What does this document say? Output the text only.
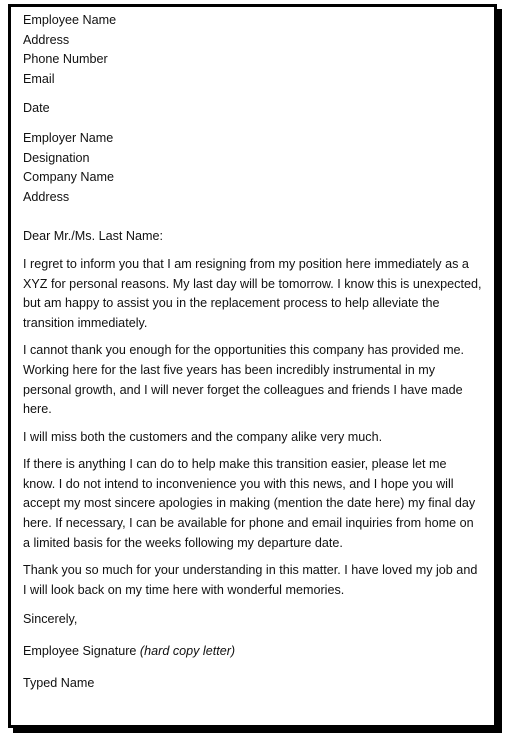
Employee Name
Address
Phone Number
Email
Date
Employer Name
Designation
Company Name
Address
Dear Mr./Ms. Last Name:

I regret to inform you that I am resigning from my position here immediately as a XYZ for personal reasons. My last day will be tomorrow. I know this is unexpected, but am happy to assist you in the replacement process to help alleviate the transition immediately.

I cannot thank you enough for the opportunities this company has provided me. Working here for the last five years has been incredibly instrumental in my personal growth, and I will never forget the colleagues and friends I have made here.

I will miss both the customers and the company alike very much.

If there is anything I can do to help make this transition easier, please let me know. I do not intend to inconvenience you with this news, and I hope you will accept my most sincere apologies in making (mention the date here) my final day here. If necessary, I can be available for phone and email inquiries from home on a limited basis for the weeks following my departure date.

Thank you so much for your understanding in this matter. I have loved my job and I will look back on my time here with wonderful memories.

Sincerely,
Employee Signature (hard copy letter)
Typed Name
